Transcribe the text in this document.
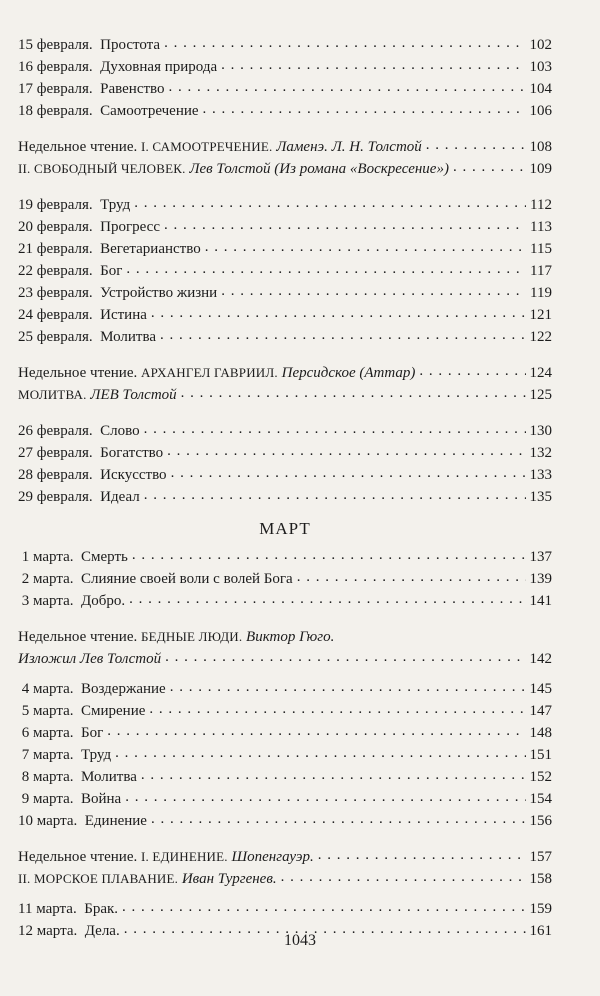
15 февраля. Простота . . .	102
16 февраля. Духовная природа . . .	103
17 февраля. Равенство . . .	104
18 февраля. Самоотречение . . .	106
Недельное чтение. I. САМООТРЕЧЕНИЕ. Ламенэ. Л. Н. Толстой . . .	108
II. СВОБОДНЫЙ ЧЕЛОВЕК. Лев Толстой (Из романа «Воскресение») . . .	109
19 февраля. Труд . . .	112
20 февраля. Прогресс . . .	113
21 февраля. Вегетарианство . . .	115
22 февраля. Бог . . .	117
23 февраля. Устройство жизни . . .	119
24 февраля. Истина . . .	121
25 февраля. Молитва . . .	122
Недельное чтение. АРХАНГЕЛ ГАВРИИЛ. Персидское (Аттар) . . .	124
МОЛИТВА. ЛЕВ Толстой . . .	125
26 февраля. Слово . . .	130
27 февраля. Богатство . . .	132
28 февраля. Искусство . . .	133
29 февраля. Идеал . . .	135
МАРТ
1 марта. Смерть . . .	137
2 марта. Слияние своей воли с волей Бога . . .	139
3 марта. Добро. . . .	141
Недельное чтение. БЕДНЫЕ ЛЮДИ. Виктор Гюго.
Изложил Лев Толстой . . .	142
4 марта. Воздержание . . .	145
5 марта. Смирение . . .	147
6 марта. Бог . . .	148
7 марта. Труд . . .	151
8 марта. Молитва . . .	152
9 марта. Война . . .	154
10 марта. Единение . . .	156
Недельное чтение. I. ЕДИНЕНИЕ. Шопенгауэр. . . .	157
II. МОРСКОЕ ПЛАВАНИЕ. Иван Тургенев. . . .	158
11 марта. Брак. . . .	159
12 марта. Дела. . . .	161
1043
